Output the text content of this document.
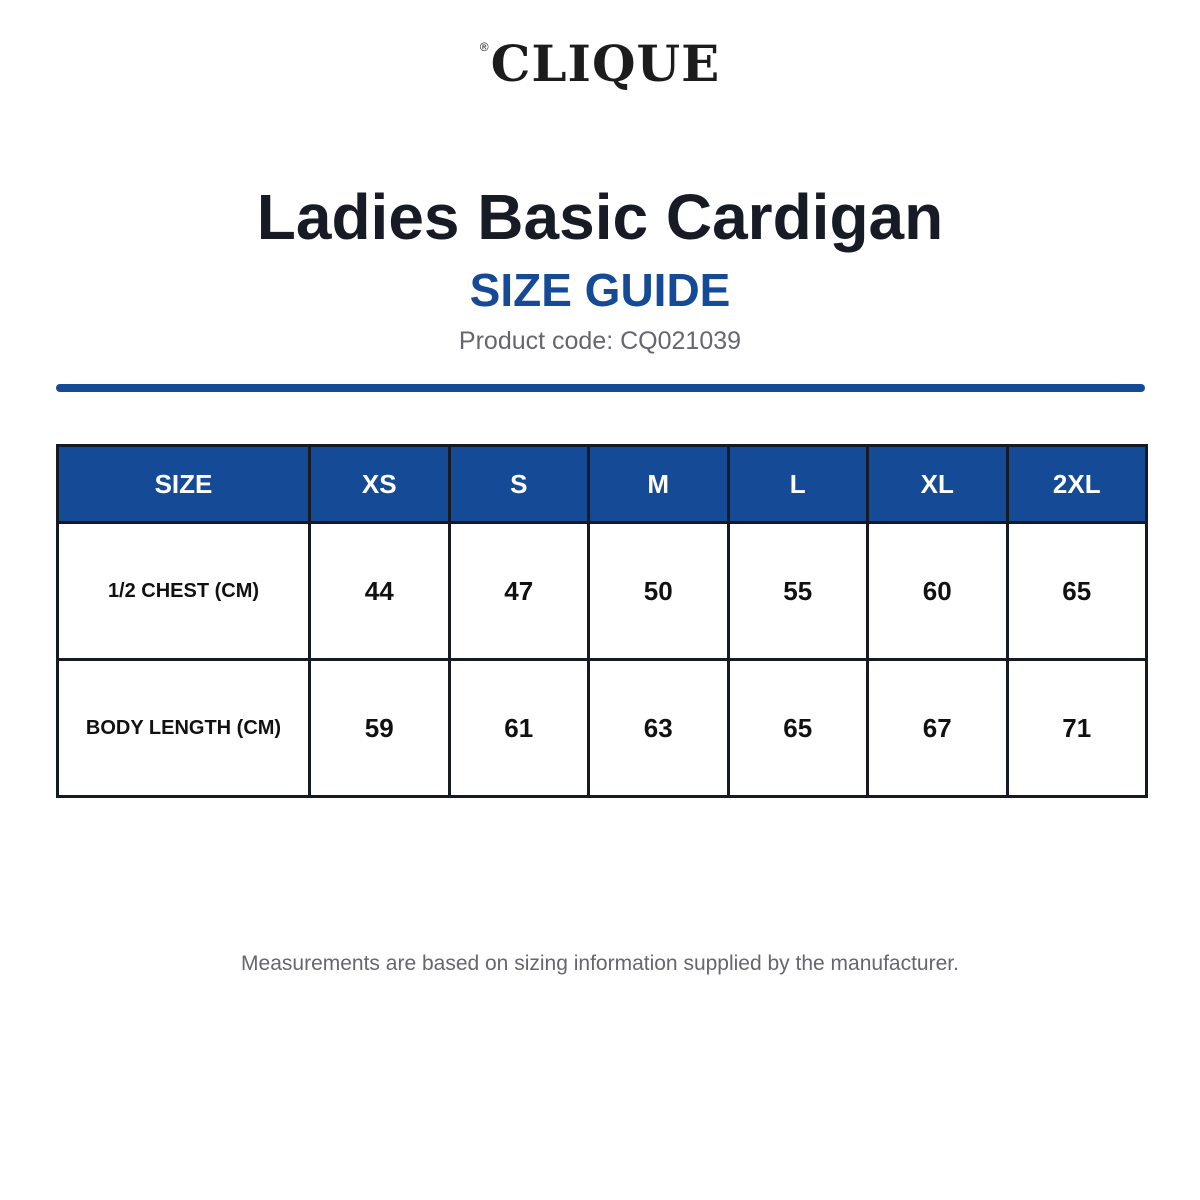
®CLIQUE
Ladies Basic Cardigan
SIZE GUIDE
Product code: CQ021039
SIZE	XS	S	M	L	XL	2XL
1/2 CHEST (CM)	44	47	50	55	60	65
BODY LENGTH (CM)	59	61	63	65	67	71
Measurements are based on sizing information supplied by the manufacturer.
